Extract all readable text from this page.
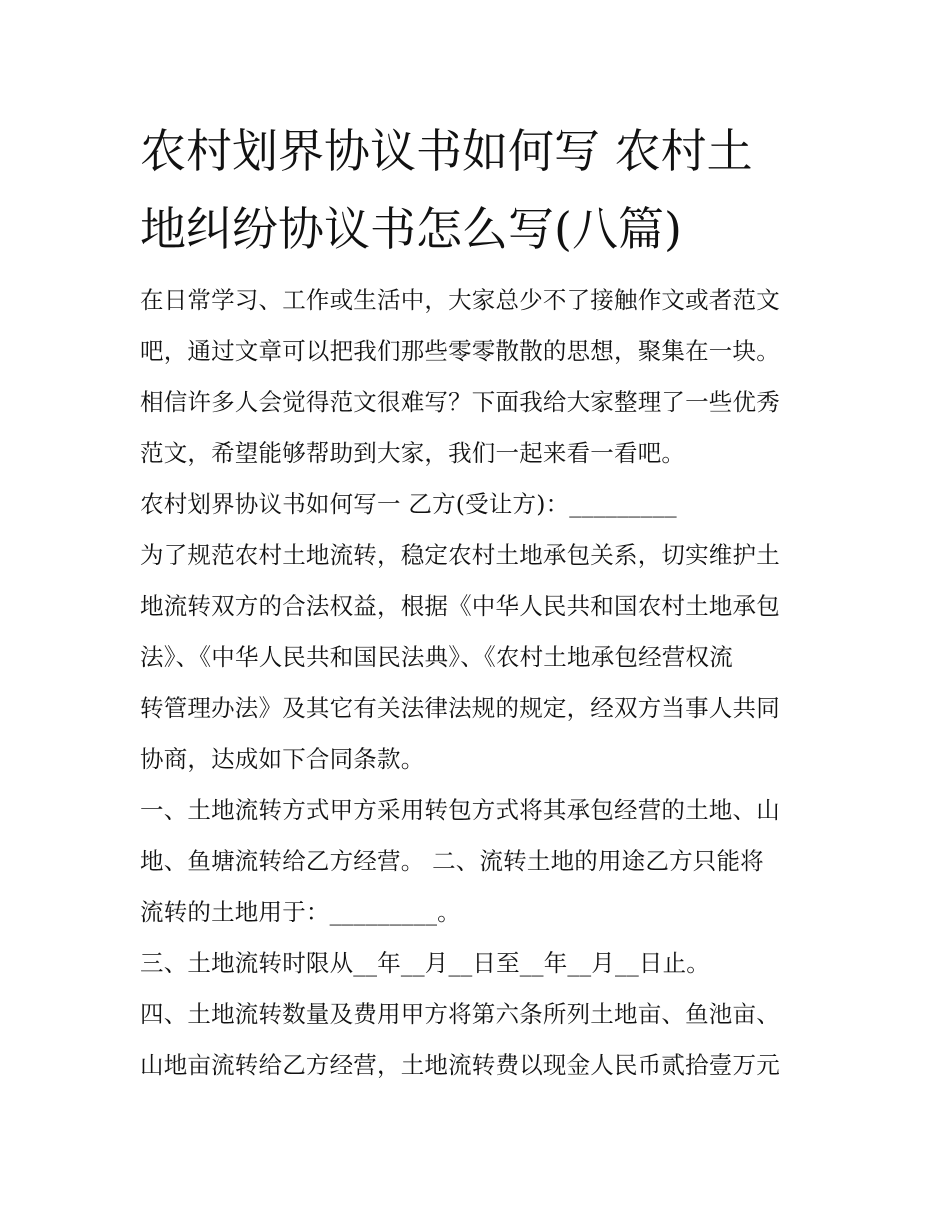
农村划界协议书如何写 农村土
地纠纷协议书怎么写(八篇)

在日常学习、工作或生活中，大家总少不了接触作文或者范文

吧，通过文章可以把我们那些零零散散的思想，聚集在一块。

相信许多人会觉得范文很难写？下面我给大家整理了一些优秀

范文，希望能够帮助到大家，我们一起来看一看吧。

农村划界协议书如何写一 乙方(受让方)：_________

为了规范农村土地流转，稳定农村土地承包关系，切实维护土

地流转双方的合法权益，根据《中华人民共和国农村土地承包

法》、《中华人民共和国民法典》、《农村土地承包经营权流

转管理办法》及其它有关法律法规的规定，经双方当事人共同

协商，达成如下合同条款。

一、土地流转方式甲方采用转包方式将其承包经营的土地、山

地、鱼塘流转给乙方经营。 二、流转土地的用途乙方只能将

流转的土地用于：_________。

三、土地流转时限从__年__月__日至__年__月__日止。

四、土地流转数量及费用甲方将第六条所列土地亩、鱼池亩、

山地亩流转给乙方经营，土地流转费以现金人民币贰拾壹万元
